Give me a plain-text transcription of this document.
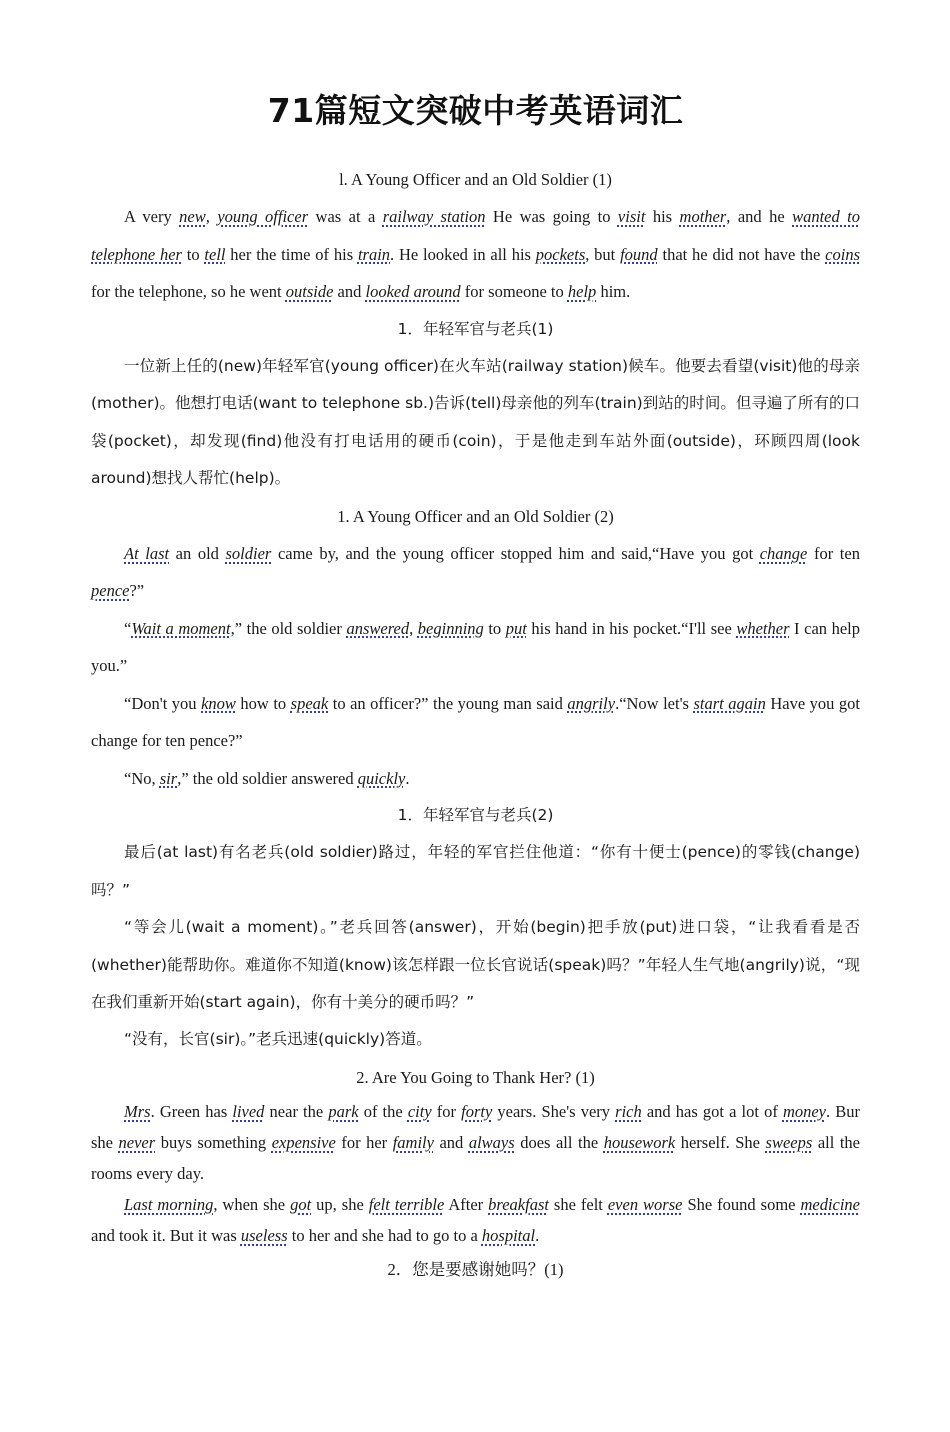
71篇短文突破中考英语词汇

l. A Young Officer and an Old Soldier (1)

A very new, young officer was at a railway station He was going to visit his mother, and he wanted to telephone her to tell her the time of his train. He looked in all his pockets, but found that he did not have the coins for the telephone, so he went outside and looked around for someone to help him.

1．年轻军官与老兵(1)

一位新上任的(new)年轻军官(young officer)在火车站(railway station)候车。他要去看望(visit)他的母亲(mother)。他想打电话(want to telephone sb.)告诉(tell)母亲他的列车(train)到站的时间。但寻遍了所有的口袋(pocket)，却发现(find)他没有打电话用的硬币(coin)，于是他走到车站外面(outside)，环顾四周(look around)想找人帮忙(help)。

1. A Young Officer and an Old Soldier (2)

At last an old soldier came by, and the young officer stopped him and said,“Have you got change for ten pence?”

“Wait a moment,” the old soldier answered, beginning to put his hand in his pocket.“I'll see whether I can help you.”

“Don't you know how to speak to an officer?” the young man said angrily.“Now let's start again Have you got change for ten pence?”

“No, sir,” the old soldier answered quickly.

1．年轻军官与老兵(2)

最后(at last)有名老兵(old soldier)路过，年轻的军官拦住他道：“你有十便士(pence)的零钱(change)吗？”

“等会儿(wait a moment)。”老兵回答(answer)，开始(begin)把手放(put)进口袋，“让我看看是否(whether)能帮助你。难道你不知道(know)该怎样跟一位长官说话(speak)吗？”年轻人生气地(angrily)说，“现在我们重新开始(start again)，你有十美分的硬币吗？”

“没有，长官(sir)。”老兵迅速(quickly)答道。

2. Are You Going to Thank Her? (1)

Mrs. Green has lived near the park of the city for forty years. She's very rich and has got a lot of money. Bur she never buys something expensive for her family and always does all the housework herself. She sweeps all the rooms every day.

Last morning, when she got up, she felt terrible After breakfast she felt even worse She found some medicine and took it. But it was useless to her and she had to go to a hospital.

2．您是要感谢她吗？(1)
